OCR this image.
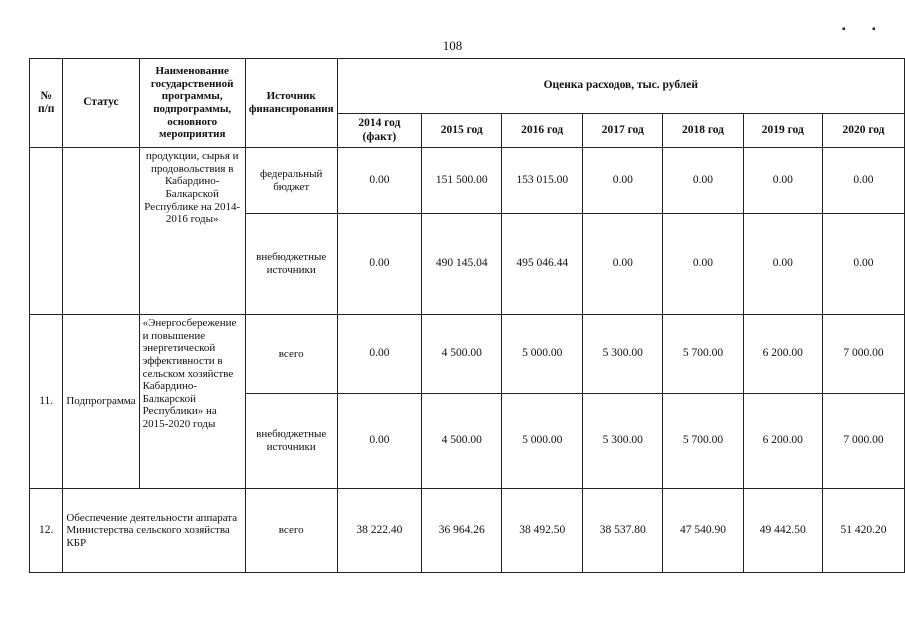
108
▪	▪
№
п/п	Статус	Наименование государственной программы, подпрограммы, основного мероприятия	Источник финансирования	Оценка расходов, тыс. рублей						
				2014 год (факт)	2015 год	2016 год	2017 год	2018 год	2019 год	2020 год
		продукции, сырья и продовольствия в Кабардино-Балкарской Республике на 2014-2016 годы»	федеральный бюджет	0.00	151 500.00	153 015.00	0.00	0.00	0.00	0.00
			внебюджетные источники	0.00	490 145.04	495 046.44	0.00	0.00	0.00	0.00
11.	Подпрограмма	«Энергосбережение и повышение энергетической эффективности в сельском хозяйстве Кабардино-Балкарской Республики» на 2015-2020 годы	всего	0.00	4 500.00	5 000.00	5 300.00	5 700.00	6 200.00	7 000.00
			внебюджетные источники	0.00	4 500.00	5 000.00	5 300.00	5 700.00	6 200.00	7 000.00
12.	Обеспечение деятельности аппарата Министерства сельского хозяйства КБР		всего	38 222.40	36 964.26	38 492.50	38 537.80	47 540.90	49 442.50	51 420.20
